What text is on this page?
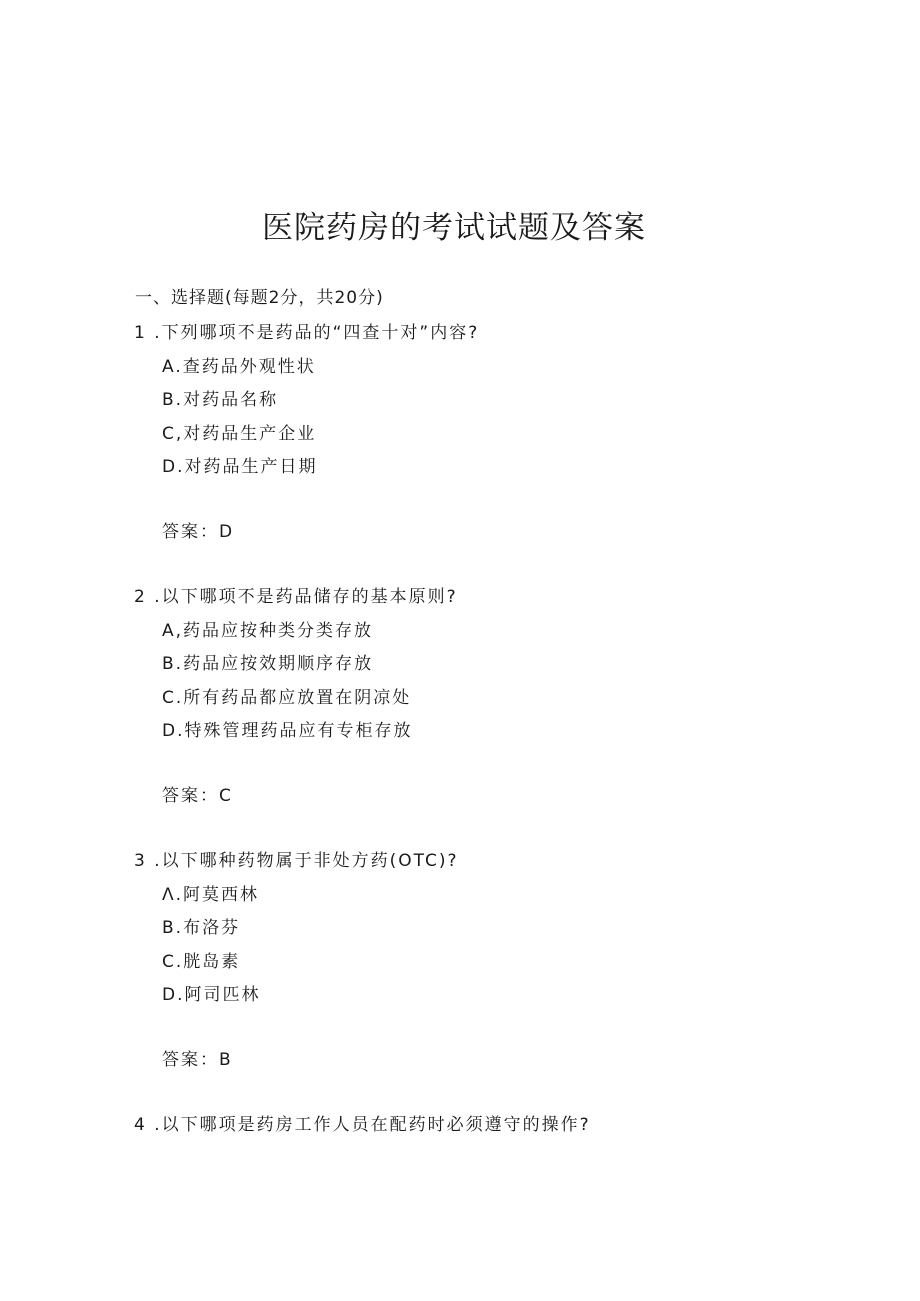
医院药房的考试试题及答案
一、选择题(每题2分，共20分)
1 .下列哪项不是药品的“四查十对”内容?
A.查药品外观性状
B.对药品名称
C,对药品生产企业
D.对药品生产日期
答案：D
2 .以下哪项不是药品储存的基本原则?
A,药品应按种类分类存放
B.药品应按效期顺序存放
C.所有药品都应放置在阴凉处
D.特殊管理药品应有专柜存放
答案：C
3 .以下哪种药物属于非处方药(OTC)?
Λ.阿莫西林
B.布洛芬
C.胱岛素
D.阿司匹林
答案：B
4 .以下哪项是药房工作人员在配药时必须遵守的操作?
